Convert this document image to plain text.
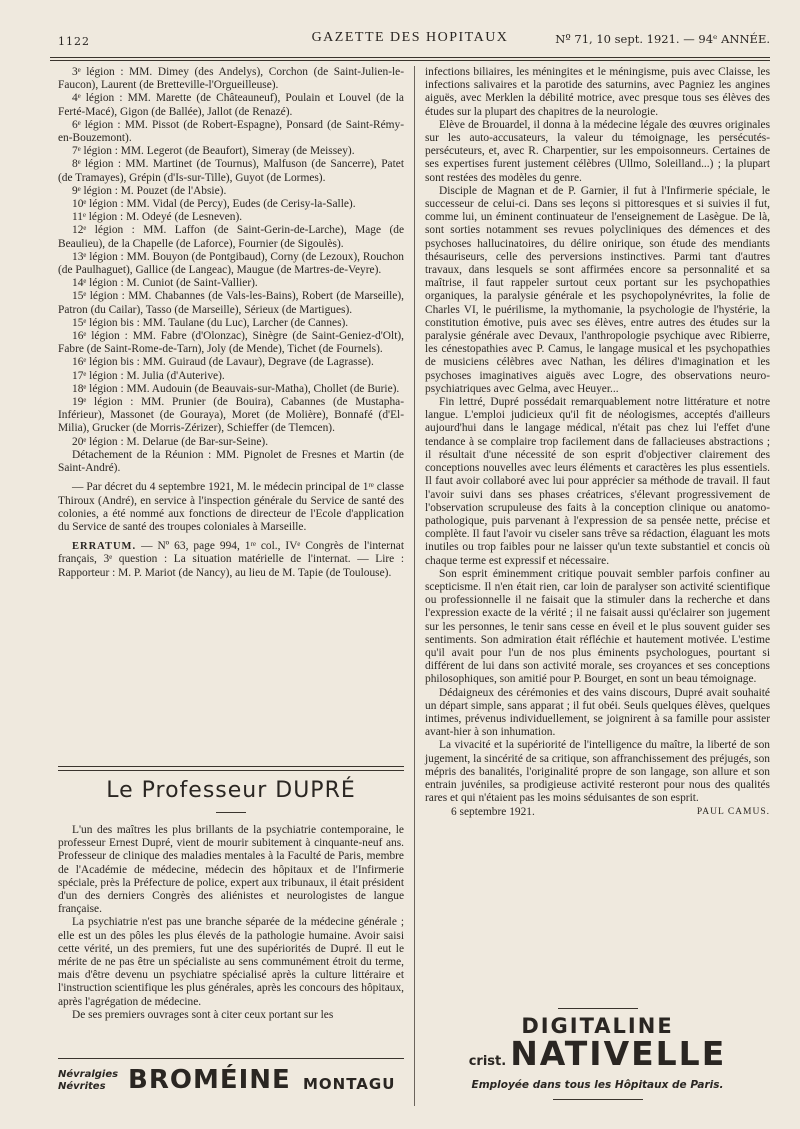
1122	GAZETTE DES HOPITAUX	Nº 71, 10 sept. 1921. — 94ᵉ ANNÉE.

3ᵉ légion : MM. Dimey (des Andelys), Corchon (de Saint-Julien-le-Faucon), Laurent (de Bretteville-l'Orgueilleuse).

4ᵉ légion : MM. Marette (de Châteauneuf), Poulain et Louvel (de la Ferté-Macé), Gigon (de Ballée), Jallot (de Renazé).

6ᵉ légion : MM. Pissot (de Robert-Espagne), Ponsard (de Saint-Rémy-en-Bouzemont).

7ᵉ légion : MM. Legerot (de Beaufort), Simeray (de Meissey).

8ᵉ légion : MM. Martinet (de Tournus), Malfuson (de Sancerre), Patet (de Tramayes), Grépin (d'Is-sur-Tille), Guyot (de Lormes).

9ᵉ légion : M. Pouzet (de l'Absie).

10ᵉ légion : MM. Vidal (de Percy), Eudes (de Cerisy-la-Salle).

11ᵉ légion : M. Odeyé (de Lesneven).

12ᵉ légion : MM. Laffon (de Saint-Gerin-de-Larche), Mage (de Beaulieu), de la Chapelle (de Laforce), Fournier (de Sigoulès).

13ᵉ légion : MM. Bouyon (de Pontgibaud), Corny (de Lezoux), Rouchon (de Paulhaguet), Gallice (de Langeac), Maugue (de Martres-de-Veyre).

14ᵉ légion : M. Cuniot (de Saint-Vallier).

15ᵉ légion : MM. Chabannes (de Vals-les-Bains), Robert (de Marseille), Patron (du Cailar), Tasso (de Marseille), Sérieux (de Martigues).

15ᵉ légion bis : MM. Taulane (du Luc), Larcher (de Cannes).

16ᵉ légion : MM. Fabre (d'Olonzac), Sinègre (de Saint-Geniez-d'Olt), Fabre (de Saint-Rome-de-Tarn), Joly (de Mende), Tichet (de Fournels).

16ᵉ légion bis : MM. Guiraud (de Lavaur), Degrave (de Lagrasse).

17ᵉ légion : M. Julia (d'Auterive).

18ᵉ légion : MM. Audouin (de Beauvais-sur-Matha), Chollet (de Burie).

19ᵉ légion : MM. Prunier (de Bouira), Cabannes (de Mustapha-Inférieur), Massonet (de Gouraya), Moret (de Molière), Bonnafé (d'El-Milia), Grucker (de Morris-Zérizer), Schieffer (de Tlemcen).

20ᵉ légion : M. Delarue (de Bar-sur-Seine).

Détachement de la Réunion : MM. Pignolet de Fresnes et Martin (de Saint-André).

— Par décret du 4 septembre 1921, M. le médecin principal de 1ʳᵉ classe Thiroux (André), en service à l'inspection générale du Service de santé des colonies, a été nommé aux fonctions de directeur de l'Ecole d'application du Service de santé des troupes coloniales à Marseille.

ERRATUM. — Nº 63, page 994, 1ʳᵉ col., IVᵉ Congrès de l'internat français, 3ᵉ question : La situation matérielle de l'internat. — Lire : Rapporteur : M. P. Mariot (de Nancy), au lieu de M. Tapie (de Toulouse).

Le Professeur DUPRÉ

L'un des maîtres les plus brillants de la psychiatrie contemporaine, le professeur Ernest Dupré, vient de mourir subitement à cinquante-neuf ans. Professeur de clinique des maladies mentales à la Faculté de Paris, membre de l'Académie de médecine, médecin des hôpitaux et de l'Infirmerie spéciale, près la Préfecture de police, expert aux tribunaux, il était président d'un des derniers Congrès des aliénistes et neurologistes de langue française.

La psychiatrie n'est pas une branche séparée de la médecine générale ; elle est un des pôles les plus élevés de la pathologie humaine. Avoir saisi cette vérité, un des premiers, fut une des supériorités de Dupré. Il eut le mérite de ne pas être un spécialiste au sens communément étroit du terme, mais d'être devenu un psychiatre spécialisé après la culture littéraire et l'instruction scientifique les plus générales, après les concours des hôpitaux, après l'agrégation de médecine.

De ses premiers ouvrages sont à citer ceux portant sur les

infections biliaires, les méningites et le méningisme, puis avec Claisse, les infections salivaires et la parotide des saturnins, avec Pagniez les angines aiguës, avec Merklen la débilité motrice, avec presque tous ses élèves des études sur la plupart des chapitres de la neurologie.

Elève de Brouardel, il donna à la médecine légale des œuvres originales sur les auto-accusateurs, la valeur du témoignage, les persécutés-persécuteurs, et, avec R. Charpentier, sur les empoisonneurs. Certaines de ses expertises furent justement célèbres (Ullmo, Soleilland...) ; la plupart sont restées des modèles du genre.

Disciple de Magnan et de P. Garnier, il fut à l'Infirmerie spéciale, le successeur de celui-ci. Dans ses leçons si pittoresques et si suivies il fut, comme lui, un éminent continuateur de l'enseignement de Lasègue. De là, sont sorties notamment ses revues polycliniques des démences et des psychoses hallucinatoires, du délire onirique, son étude des mendiants thésauriseurs, celle des perversions instinctives. Parmi tant d'autres travaux, dans lesquels se sont affirmées encore sa personnalité et sa maîtrise, il faut rappeler surtout ceux portant sur les psychopathies organiques, la paralysie générale et les psychopolynévrites, la folie de Charles VI, le puérilisme, la mythomanie, la psychologie de l'hystérie, la constitution émotive, puis avec ses élèves, entre autres des études sur la paralysie générale avec Devaux, l'anthropologie psychique avec Ribierre, les cénestopathies avec P. Camus, le langage musical et les psychopathies de musiciens célèbres avec Nathan, les délires d'imagination et les psychoses imaginatives aiguës avec Logre, des observations neuro-psychiatriques avec Gelma, avec Heuyer...

Fin lettré, Dupré possédait remarquablement notre littérature et notre langue. L'emploi judicieux qu'il fit de néologismes, acceptés d'ailleurs aujourd'hui dans le langage médical, n'était pas chez lui l'effet d'une tendance à se complaire trop facilement dans de fallacieuses abstractions ; il résultait d'une nécessité de son esprit d'objectiver clairement des conceptions nouvelles avec leurs éléments et caractères les plus essentiels. Il faut avoir collaboré avec lui pour apprécier sa méthode de travail. Il faut l'avoir suivi dans ses phases créatrices, s'élevant progressivement de l'observation scrupuleuse des faits à la conception clinique ou anatomo-pathologique, puis parvenant à l'expression de sa pensée nette, précise et complète. Il faut l'avoir vu ciseler sans trêve sa rédaction, élaguant les mots inutiles ou trop faibles pour ne laisser qu'un texte substantiel et concis où chaque terme est expressif et nécessaire.

Son esprit éminemment critique pouvait sembler parfois confiner au scepticisme. Il n'en était rien, car loin de paralyser son activité scientifique ou professionnelle il ne faisait que la stimuler dans la recherche et dans l'expression exacte de la vérité ; il ne faisait aussi qu'éclairer son jugement sur les personnes, le tenir sans cesse en éveil et le plus souvent guider ses sentiments. Son admiration était réfléchie et hautement motivée. L'estime qu'il avait pour l'un de nos plus éminents psychologues, pourtant si différent de lui dans son activité morale, ses croyances et ses conceptions philosophiques, son amitié pour P. Bourget, en sont un beau témoignage.

Dédaigneux des cérémonies et des vains discours, Dupré avait souhaité un départ simple, sans apparat ; il fut obéi. Seuls quelques élèves, quelques intimes, prévenus individuellement, se joignirent à sa famille pour assister avant-hier à son inhumation.

La vivacité et la supériorité de l'intelligence du maître, la liberté de son jugement, la sincérité de sa critique, son affranchissement des préjugés, son mépris des banalités, l'originalité propre de son langage, son allure et son entrain juvéniles, sa prodigieuse activité resteront pour nous des qualités rares et qui n'étaient pas les moins séduisantes de son esprit.

6 septembre 1921.	PAUL CAMUS.
DIGITALINE
crist. NATIVELLE
Employée dans tous les Hôpitaux de Paris.
Névralgies
Névrites BROMÉINE MONTAGU
